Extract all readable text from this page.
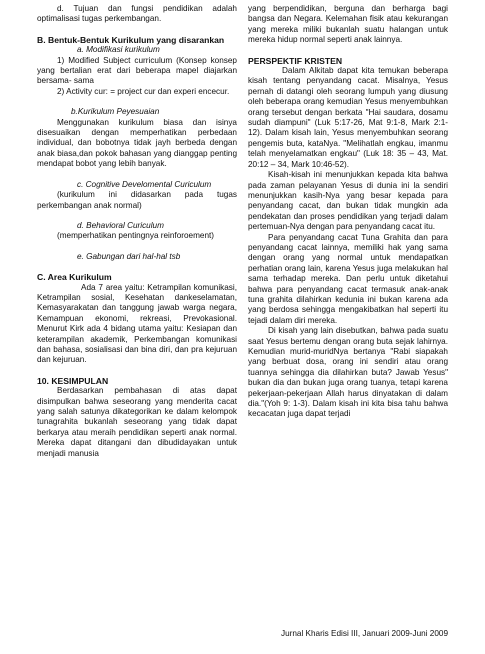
d. Tujuan dan fungsi pendidikan adalah optimalisasi tugas perkembangan.

B. Bentuk-Bentuk Kurikulum yang disarankan

a. Modifikasi kurikulum

1) Modified Subject curriculum (Konsep konsep yang bertalian erat dari beberapa mapel diajarkan bersama- sama

2) Activity cur: = project cur dan experi encecur.

b.Kurikulum Peyesuaian

Menggunakan kurikulum biasa dan isinya disesuaikan dengan memperhatikan perbedaan individual, dan bobotnya tidak jayh berbeda dengan anak biasa,dan pokok bahasan yang dianggap penting mendapat bobot yang lebih banyak.

c. Cognitive Develomental Curiculum

(kurikulum ini didasarkan pada tugas perkembangan anak normal)

d. Behavioral Curiculum

(memperhatikan pentingnya reinforoement)

e. Gabungan dari hal-hal tsb

C. Area Kurikulum

Ada 7 area yaitu: Ketrampilan komunikasi, Ketrampilan sosial, Kesehatan dankeselamatan, Kemasyarakatan dan tanggung jawab warga negara, Kemampuan ekonomi, rekreasi, Prevokasional. Menurut Kirk ada 4 bidang utama yaitu: Kesiapan dan keterampilan akademik, Perkembangan komunikasi dan bahasa, sosialisasi dan bina diri, dan pra kejuruan dan kejuruan.

10. KESIMPULAN

Berdasarkan pembahasan di atas dapat disimpulkan bahwa seseorang yang menderita cacat yang salah satunya dikategorikan ke dalam kelompok tunagrahita bukanlah seseorang yang tidak dapat berkarya atau meraih pendidikan seperti anak normal. Mereka dapat ditangani dan dibudidayakan untuk menjadi manusia

yang berpendidikan, berguna dan berharga bagi bangsa dan Negara. Kelemahan fisik atau kekurangan yang mereka miliki bukanlah suatu halangan untuk mereka hidup normal seperti anak lainnya.

PERSPEKTIF KRISTEN

Dalam Alkitab dapat kita temukan beberapa kisah tentang penyandang cacat. Misalnya, Yesus pernah di datangi oleh seorang lumpuh yang diusung oleh beberapa orang kemudian Yesus menyembuhkan orang tersebut dengan berkata "Hai saudara, dosamu sudah diampuni" (Luk 5:17-26, Mat 9:1-8, Mark 2:1-12). Dalam kisah lain, Yesus menyembuhkan seorang pengemis buta, kataNya. "Melihatlah engkau, imanmu telah menyelamatkan engkau" (Luk 18: 35 – 43, Mat. 20:12 – 34, Mark 10:46-52).

Kisah-kisah ini menunjukkan kepada kita bahwa pada zaman pelayanan Yesus di dunia ini la sendiri menunjukkan kasih-Nya yang besar kepada para penyandang cacat, dan bukan tidak mungkin ada pendekatan dan proses pendidikan yang terjadi dalam pertemuan-Nya dengan para penyandang cacat itu.

Para penyandang cacat Tuna Grahita dan para penyandang cacat lainnya, memiliki hak yang sama dengan orang yang normal untuk mendapatkan perhatian orang lain, karena Yesus juga melakukan hal sama terhadap mereka. Dan perlu untuk diketahui bahwa para penyandang cacat termasuk anak-anak tuna grahita dilahirkan kedunia ini bukan karena ada yang berdosa sehingga mengakibatkan hal seperti itu tejadi dalam diri mereka.

Di kisah yang lain disebutkan, bahwa pada suatu saat Yesus bertemu dengan orang buta sejak lahirnya. Kemudian murid-muridNya bertanya "Rabi siapakah yang berbuat dosa, orang ini sendiri atau orang tuannya sehingga dia dilahirkan buta? Jawab Yesus" bukan dia dan bukan juga orang tuanya, tetapi karena pekerjaan-pekerjaan Allah harus dinyatakan di dalam dia."(Yoh 9: 1-3). Dalam kisah ini kita bisa tahu bahwa kecacatan juga dapat terjadi

Jurnal Kharis Edisi III, Januari 2009-Juni 2009
